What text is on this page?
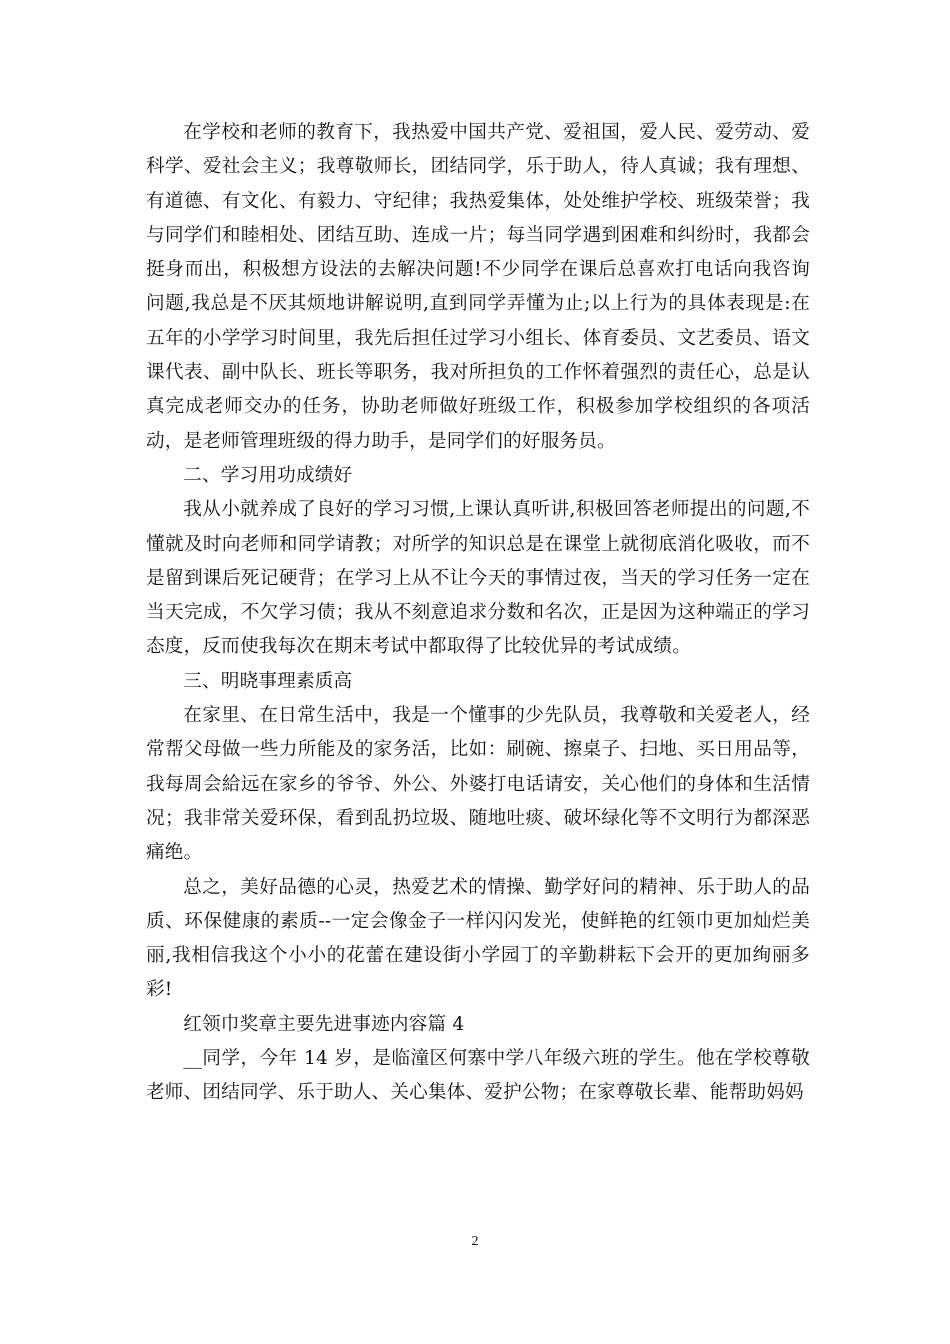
在学校和老师的教育下，我热爱中国共产党、爱祖国，爱人民、爱劳动、爱科学、爱社会主义；我尊敬师长，团结同学，乐于助人，待人真诚；我有理想、有道德、有文化、有毅力、守纪律；我热爱集体，处处维护学校、班级荣誉；我与同学们和睦相处、团结互助、连成一片；每当同学遇到困难和纠纷时，我都会挺身而出，积极想方设法的去解决问题!不少同学在课后总喜欢打电话向我咨询问题,我总是不厌其烦地讲解说明,直到同学弄懂为止;以上行为的具体表现是:在五年的小学学习时间里，我先后担任过学习小组长、体育委员、文艺委员、语文课代表、副中队长、班长等职务，我对所担负的工作怀着强烈的责任心，总是认真完成老师交办的任务，协助老师做好班级工作，积极参加学校组织的各项活动，是老师管理班级的得力助手，是同学们的好服务员。

二、学习用功成绩好

我从小就养成了良好的学习习惯,上课认真听讲,积极回答老师提出的问题,不懂就及时向老师和同学请教；对所学的知识总是在课堂上就彻底消化吸收，而不是留到课后死记硬背；在学习上从不让今天的事情过夜，当天的学习任务一定在当天完成，不欠学习债；我从不刻意追求分数和名次，正是因为这种端正的学习态度，反而使我每次在期末考试中都取得了比较优异的考试成绩。

三、明晓事理素质高

在家里、在日常生活中，我是一个懂事的少先队员，我尊敬和关爱老人，经常帮父母做一些力所能及的家务活，比如：刷碗、擦桌子、扫地、买日用品等，我每周会給远在家乡的爷爷、外公、外婆打电话请安，关心他们的身体和生活情况；我非常关爱环保，看到乱扔垃圾、随地吐痰、破坏绿化等不文明行为都深恶痛绝。

总之，美好品德的心灵，热爱艺术的情操、勤学好问的精神、乐于助人的品质、环保健康的素质--一定会像金子一样闪闪发光，使鲜艳的红领巾更加灿烂美丽,我相信我这个小小的花蕾在建设街小学园丁的辛勤耕耘下会开的更加绚丽多彩!

红领巾奖章主要先进事迹内容篇 4

__同学，今年 14 岁，是临潼区何寨中学八年级六班的学生。他在学校尊敬老师、团结同学、乐于助人、关心集体、爱护公物；在家尊敬长辈、能帮助妈妈

2
